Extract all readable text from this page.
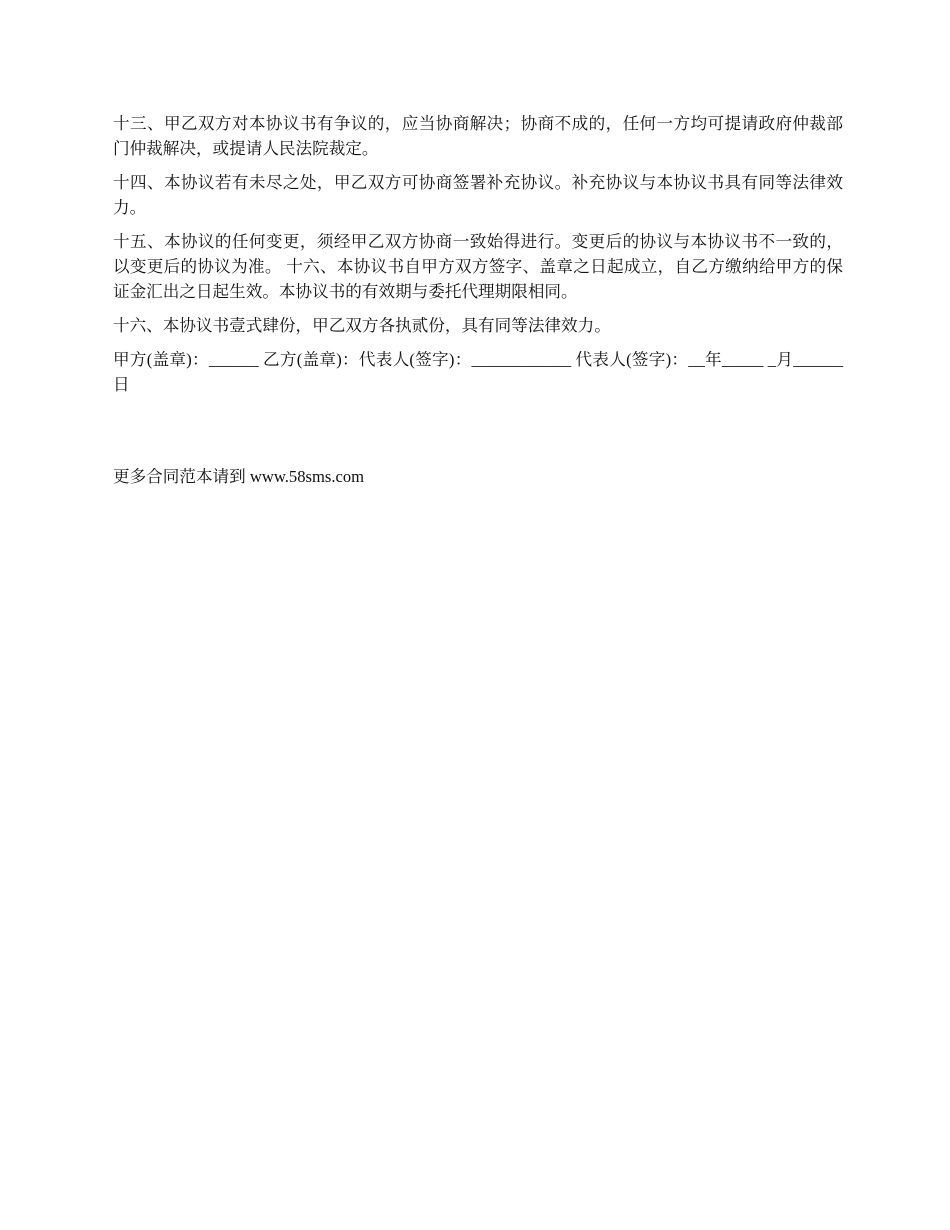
十三、甲乙双方对本协议书有争议的，应当协商解决；协商不成的，任何一方均可提请政府仲裁部门仲裁解决，或提请人民法院裁定。

十四、本协议若有未尽之处，甲乙双方可协商签署补充协议。补充协议与本协议书具有同等法律效力。

十五、本协议的任何变更，须经甲乙双方协商一致始得进行。变更后的协议与本协议书不一致的，以变更后的协议为准。 十六、本协议书自甲方双方签字、盖章之日起成立，自乙方缴纳给甲方的保证金汇出之日起生效。本协议书的有效期与委托代理期限相同。

十六、本协议书壹式肆份，甲乙双方各执贰份，具有同等法律效力。

甲方(盖章)：______ 乙方(盖章)：代表人(签字)：____________ 代表人(签字)：__年_____ _月______日

更多合同范本请到 www.58sms.com
